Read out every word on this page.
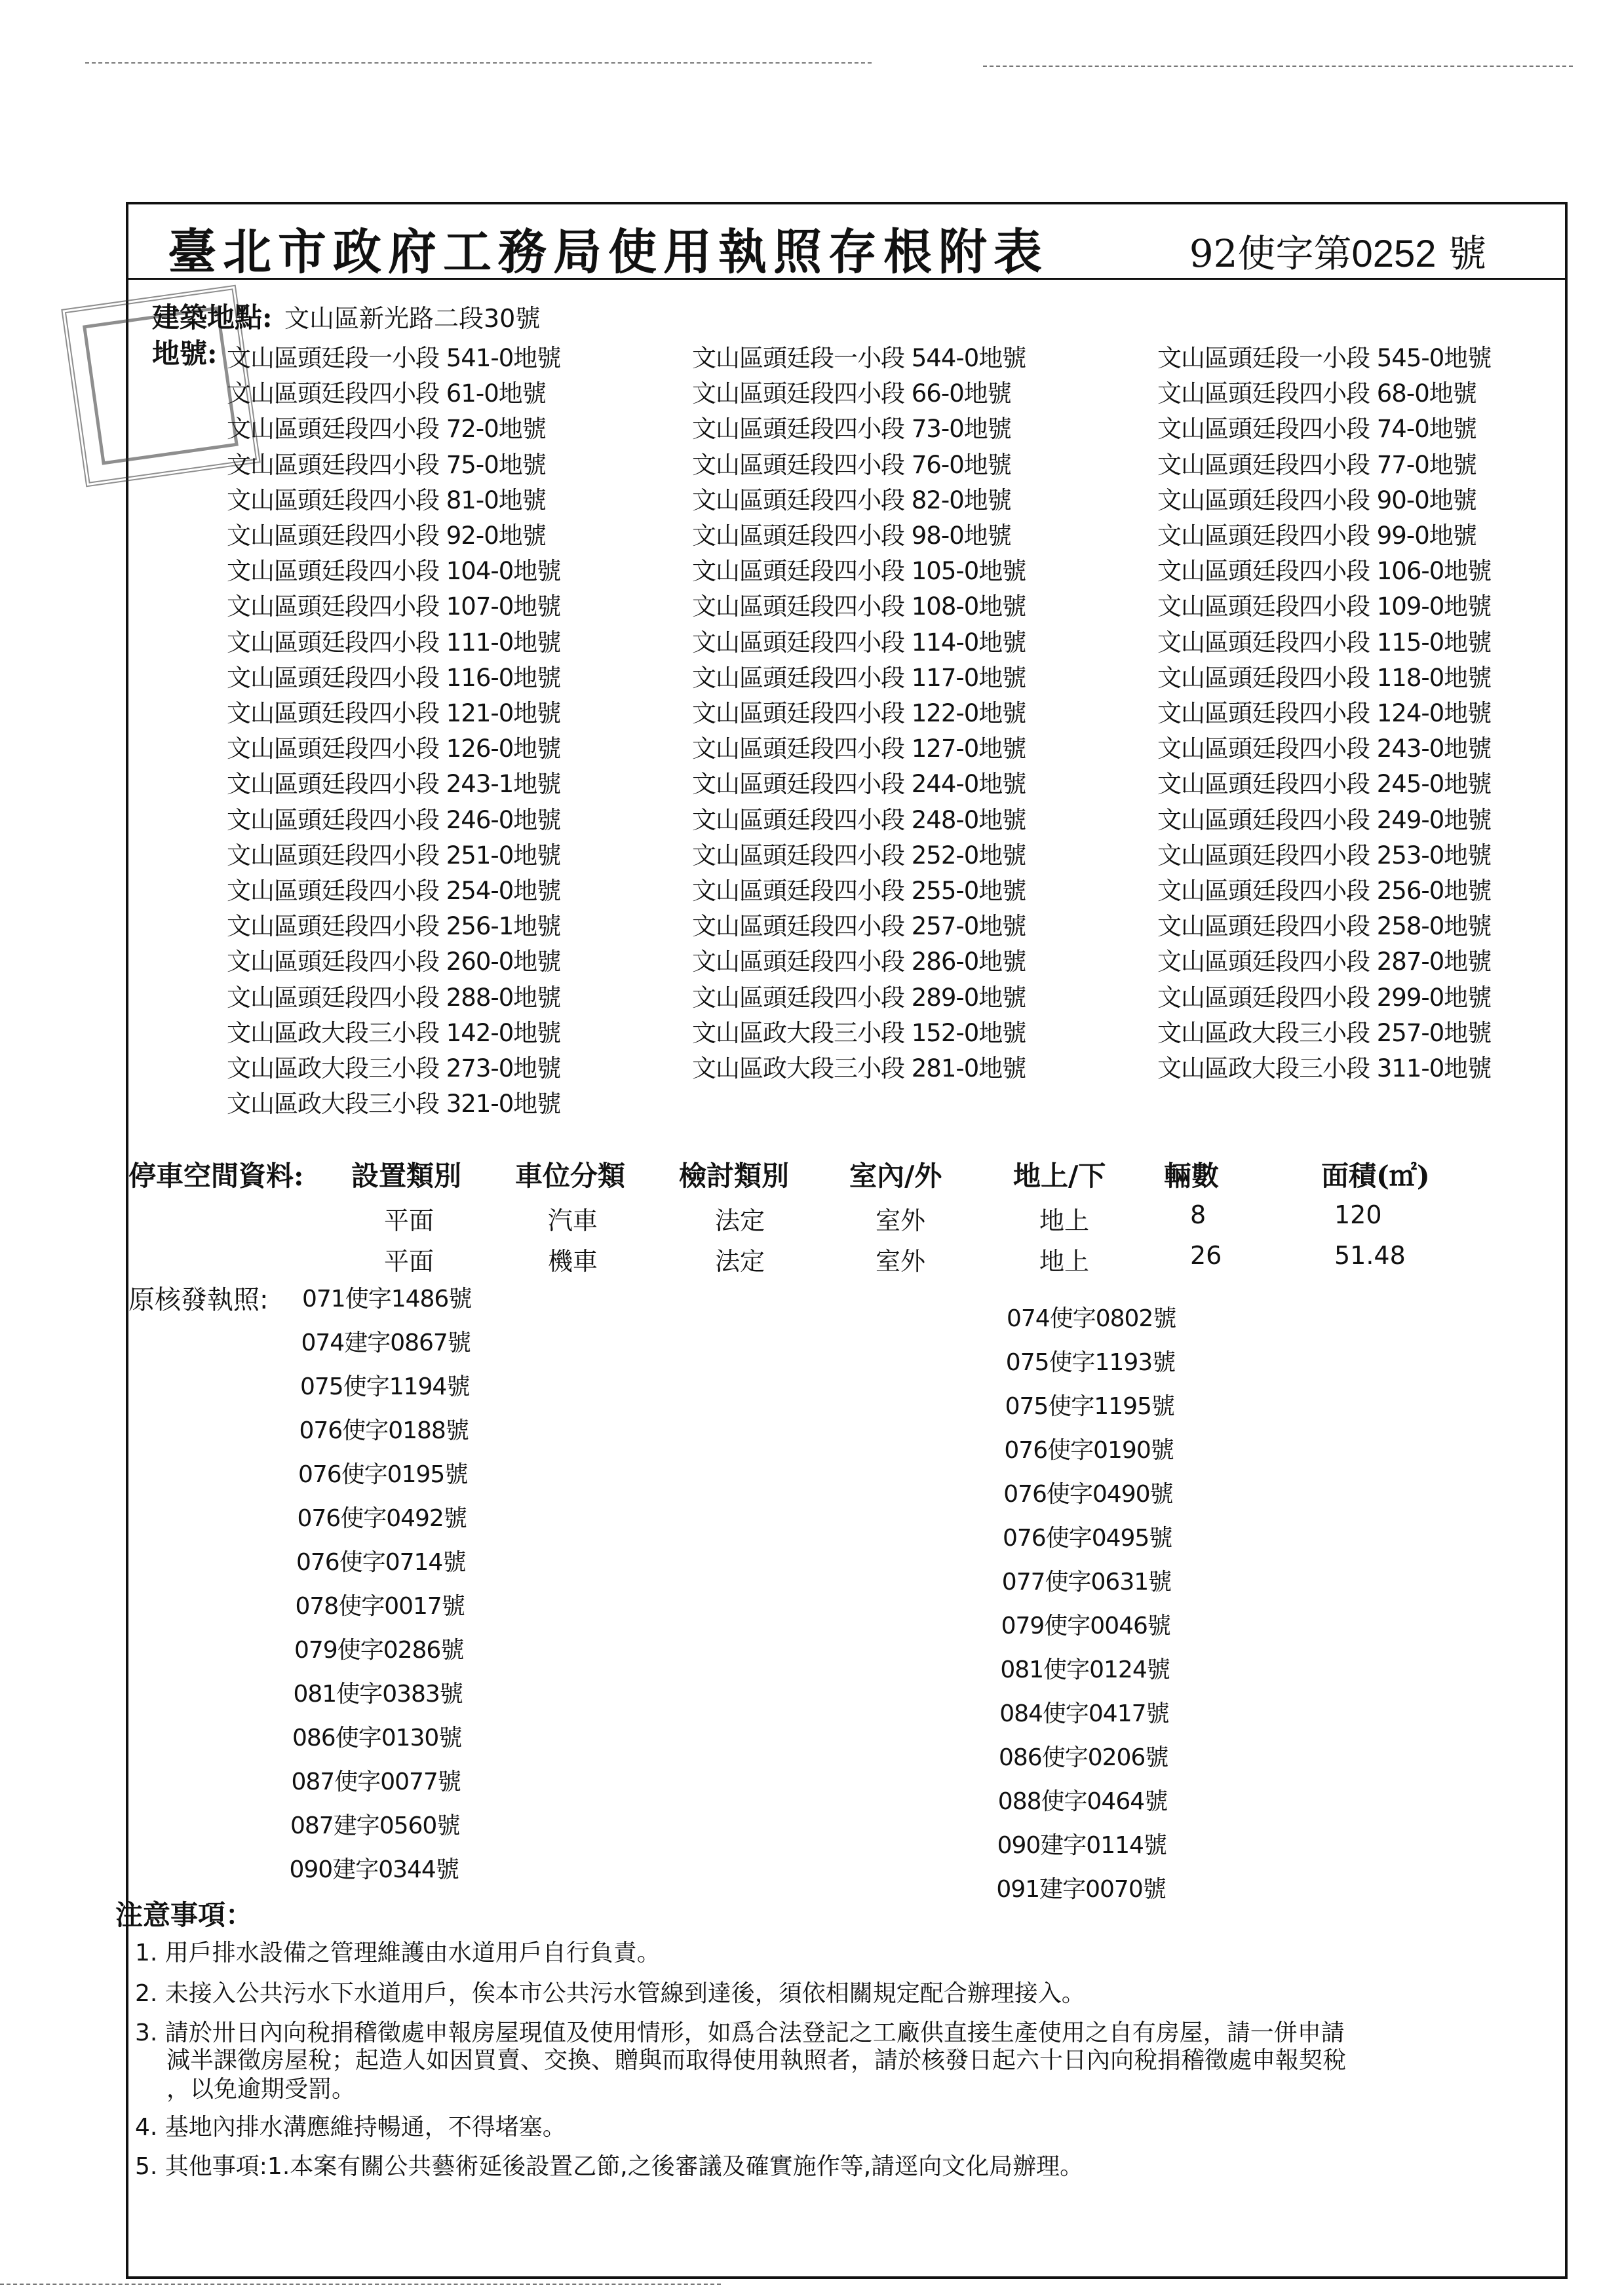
臺北市政府工務局使用執照存根附表	92使字第0252 號
建築地點: 文山區新光路二段30號
地號: 文山區頭廷段一小段 541-0地號	文山區頭廷段一小段 544-0地號	文山區頭廷段一小段 545-0地號
文山區頭廷段四小段 61-0地號	文山區頭廷段四小段 66-0地號	文山區頭廷段四小段 68-0地號
文山區頭廷段四小段 72-0地號	文山區頭廷段四小段 73-0地號	文山區頭廷段四小段 74-0地號
文山區頭廷段四小段 75-0地號	文山區頭廷段四小段 76-0地號	文山區頭廷段四小段 77-0地號
文山區頭廷段四小段 81-0地號	文山區頭廷段四小段 82-0地號	文山區頭廷段四小段 90-0地號
文山區頭廷段四小段 92-0地號	文山區頭廷段四小段 98-0地號	文山區頭廷段四小段 99-0地號
文山區頭廷段四小段 104-0地號	文山區頭廷段四小段 105-0地號	文山區頭廷段四小段 106-0地號
文山區頭廷段四小段 107-0地號	文山區頭廷段四小段 108-0地號	文山區頭廷段四小段 109-0地號
文山區頭廷段四小段 111-0地號	文山區頭廷段四小段 114-0地號	文山區頭廷段四小段 115-0地號
文山區頭廷段四小段 116-0地號	文山區頭廷段四小段 117-0地號	文山區頭廷段四小段 118-0地號
文山區頭廷段四小段 121-0地號	文山區頭廷段四小段 122-0地號	文山區頭廷段四小段 124-0地號
文山區頭廷段四小段 126-0地號	文山區頭廷段四小段 127-0地號	文山區頭廷段四小段 243-0地號
文山區頭廷段四小段 243-1地號	文山區頭廷段四小段 244-0地號	文山區頭廷段四小段 245-0地號
文山區頭廷段四小段 246-0地號	文山區頭廷段四小段 248-0地號	文山區頭廷段四小段 249-0地號
文山區頭廷段四小段 251-0地號	文山區頭廷段四小段 252-0地號	文山區頭廷段四小段 253-0地號
文山區頭廷段四小段 254-0地號	文山區頭廷段四小段 255-0地號	文山區頭廷段四小段 256-0地號
文山區頭廷段四小段 256-1地號	文山區頭廷段四小段 257-0地號	文山區頭廷段四小段 258-0地號
文山區頭廷段四小段 260-0地號	文山區頭廷段四小段 286-0地號	文山區頭廷段四小段 287-0地號
文山區頭廷段四小段 288-0地號	文山區頭廷段四小段 289-0地號	文山區頭廷段四小段 299-0地號
文山區政大段三小段 142-0地號	文山區政大段三小段 152-0地號	文山區政大段三小段 257-0地號
文山區政大段三小段 273-0地號	文山區政大段三小段 281-0地號	文山區政大段三小段 311-0地號
文山區政大段三小段 321-0地號
停車空間資料:
原核發執照:
注意事項：
設置類別 車位分類 檢討類別 室內/外	地上/下 輛數	面積(㎡)
平面	汽車	法定	室外	地上	8	120
平面	機車	法定	室外	地上	26	51.48
071使字1486號
074建字0867號
075使字1194號
076使字0188號
076使字0195號
076使字0492號
076使字0714號
078使字0017號
079使字0286號
081使字0383號
086使字0130號
087使字0077號
087建字0560號
090建字0344號
074使字0802號
075使字1193號
075使字1195號
076使字0190號
076使字0490號
076使字0495號
077使字0631號
079使字0046號
081使字0124號
084使字0417號
086使字0206號
088使字0464號
090建字0114號
091建字0070號
1. 用戶排水設備之管理維護由水道用戶自行負責。
2. 未接入公共污水下水道用戶，俟本市公共污水管線到達後，須依相關規定配合辦理接入。
3. 請於卅日內向稅捐稽徵處申報房屋現值及使用情形，如爲合法登記之工廠供直接生產使用之自有房屋，請一併申請
減半課徵房屋稅；起造人如因買賣、交換、贈與而取得使用執照者，請於核發日起六十日內向稅捐稽徵處申報契稅
，以免逾期受罰。
4. 基地內排水溝應維持暢通，不得堵塞。
5. 其他事項:1.本案有關公共藝術延後設置乙節,之後審議及確實施作等,請逕向文化局辦理。
